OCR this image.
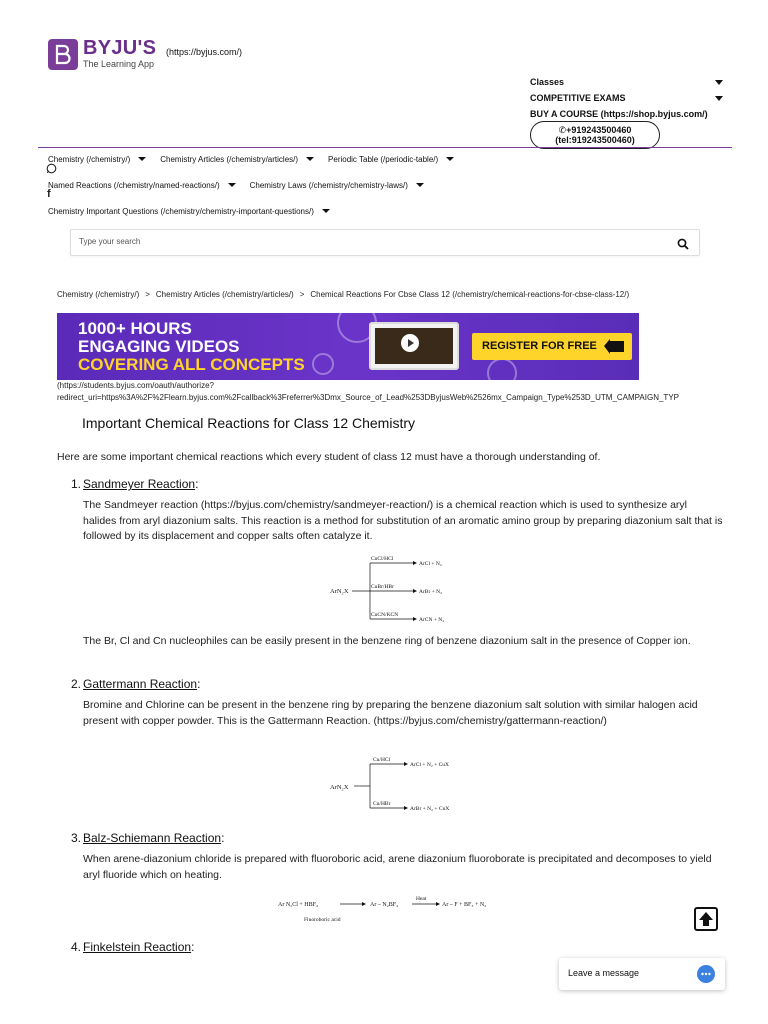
BYJU'S
The Learning App
(https://byjus.com/)
Classes
COMPETITIVE EXAMS
BUY A COURSE (https://shop.byjus.com/)
✆+919243500460
(tel:919243500460)
Chemistry (/chemistry/)	Chemistry Articles (/chemistry/articles/)	Periodic Table (/periodic-table/)
Named Reactions (/chemistry/named-reactions/)	Chemistry Laws (/chemistry/chemistry-laws/)
f
Chemistry Important Questions (/chemistry/chemistry-important-questions/)
Type your search
Chemistry (/chemistry/) > Chemistry Articles (/chemistry/articles/) > Chemical Reactions For Cbse Class 12 (/chemistry/chemical-reactions-for-cbse-class-12/)
1000+ HOURS
ENGAGING VIDEOS
COVERING ALL CONCEPTS
REGISTER FOR FREE
(https://students.byjus.com/oauth/authorize?
redirect_uri=https%3A%2F%2Flearn.byjus.com%2Fcallback%3Freferrer%3Dmx_Source_of_Lead%253DByjusWeb%2526mx_Campaign_Type%253D_UTM_CAMPAIGN_TYP
Important Chemical Reactions for Class 12 Chemistry

Here are some important chemical reactions which every student of class 12 must have a thorough understanding of.

1. Sandmeyer Reaction:

The Sandmeyer reaction (https://byjus.com/chemistry/sandmeyer-reaction/) is a chemical reaction which is used to synthesize aryl halides from aryl diazonium salts. This reaction is a method for substitution of an aromatic amino group by preparing diazonium salt that is followed by its displacement and copper salts often catalyze it.

ArN₂X
CuCl/HCl
CuBr/HBr
CuCN/KCN
ArCl + N₂
ArBr + N₂
ArCN + N₂

The Br, Cl and Cn nucleophiles can be easily present in the benzene ring of benzene diazonium salt in the presence of Copper ion.

2. Gattermann Reaction:

Bromine and Chlorine can be present in the benzene ring by preparing the benzene diazonium salt solution with similar halogen acid present with copper powder. This is the Gattermann Reaction. (https://byjus.com/chemistry/gattermann-reaction/)

ArN₂X
Cu/HCl
Cu/HBr
ArCl + N₂ + CuX
ArBr + N₂ + CuX
3. Balz-Schiemann Reaction:

When arene-diazonium chloride is prepared with fluoroboric acid, arene diazonium fluoroborate is precipitated and decomposes to yield aryl fluoride which on heating.

Ar N₂Cl + HBF₄	Ar – N₂BF₄
Heat
Ar – F + BF₃ + N₂
Fluoroboric acid
4. Finkelstein Reaction:
Leave a message
